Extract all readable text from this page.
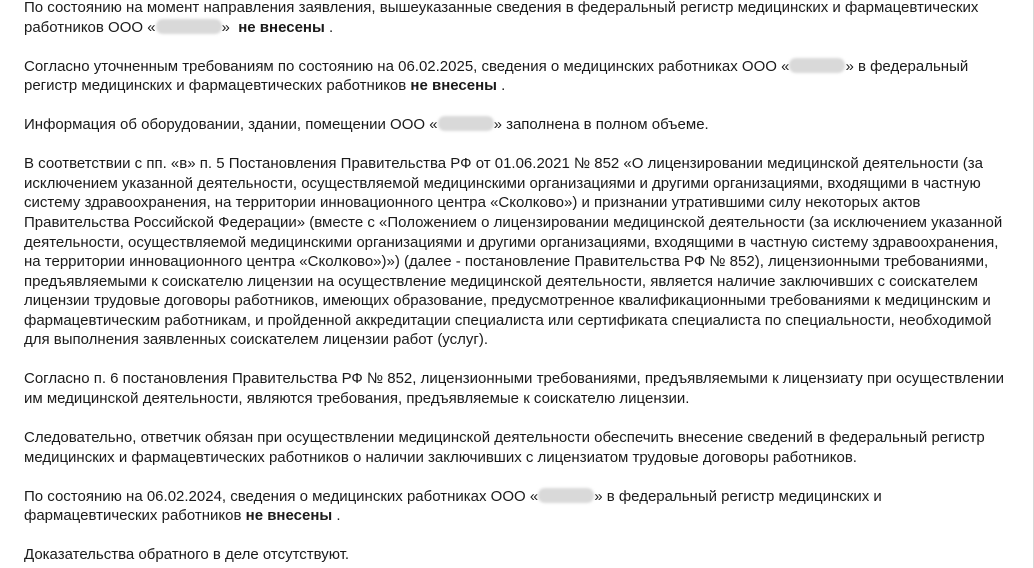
По состоянию на момент направления заявления, вышеуказанные сведения в федеральный регистр медицинских и фармацевтических работников ООО «	»  не внесены .

Согласно уточненным требованиям по состоянию на 06.02.2025, сведения о медицинских работниках ООО «	» в федеральный регистр медицинских и фармацевтических работников не внесены .

Информация об оборудовании, здании, помещении ООО «	» заполнена в полном объеме.

В соответствии с пп. «в» п. 5 Постановления Правительства РФ от 01.06.2021 № 852 «О лицензировании медицинской деятельности (за исключением указанной деятельности, осуществляемой медицинскими организациями и другими организациями, входящими в частную систему здравоохранения, на территории инновационного центра «Сколково») и признании утратившими силу некоторых актов Правительства Российской Федерации» (вместе с «Положением о лицензировании медицинской деятельности (за исключением указанной деятельности, осуществляемой медицинскими организациями и другими организациями, входящими в частную систему здравоохранения, на территории инновационного центра «Сколково»)») (далее - постановление Правительства РФ № 852), лицензионными требованиями, предъявляемыми к соискателю лицензии на осуществление медицинской деятельности, является наличие заключивших с соискателем лицензии трудовые договоры работников, имеющих образование, предусмотренное квалификационными требованиями к медицинским и фармацевтическим работникам, и пройденной аккредитации специалиста или сертификата специалиста по специальности, необходимой для выполнения заявленных соискателем лицензии работ (услуг).

Согласно п. 6 постановления Правительства РФ № 852, лицензионными требованиями, предъявляемыми к лицензиату при осуществлении им медицинской деятельности, являются требования, предъявляемые к соискателю лицензии.

Следовательно, ответчик обязан при осуществлении медицинской деятельности обеспечить внесение сведений в федеральный регистр медицинских и фармацевтических работников о наличии заключивших с лицензиатом трудовые договоры работников.

По состоянию на 06.02.2024, сведения о медицинских работниках ООО «	» в федеральный регистр медицинских и фармацевтических работников не внесены .

Доказательства обратного в деле отсутствуют.
